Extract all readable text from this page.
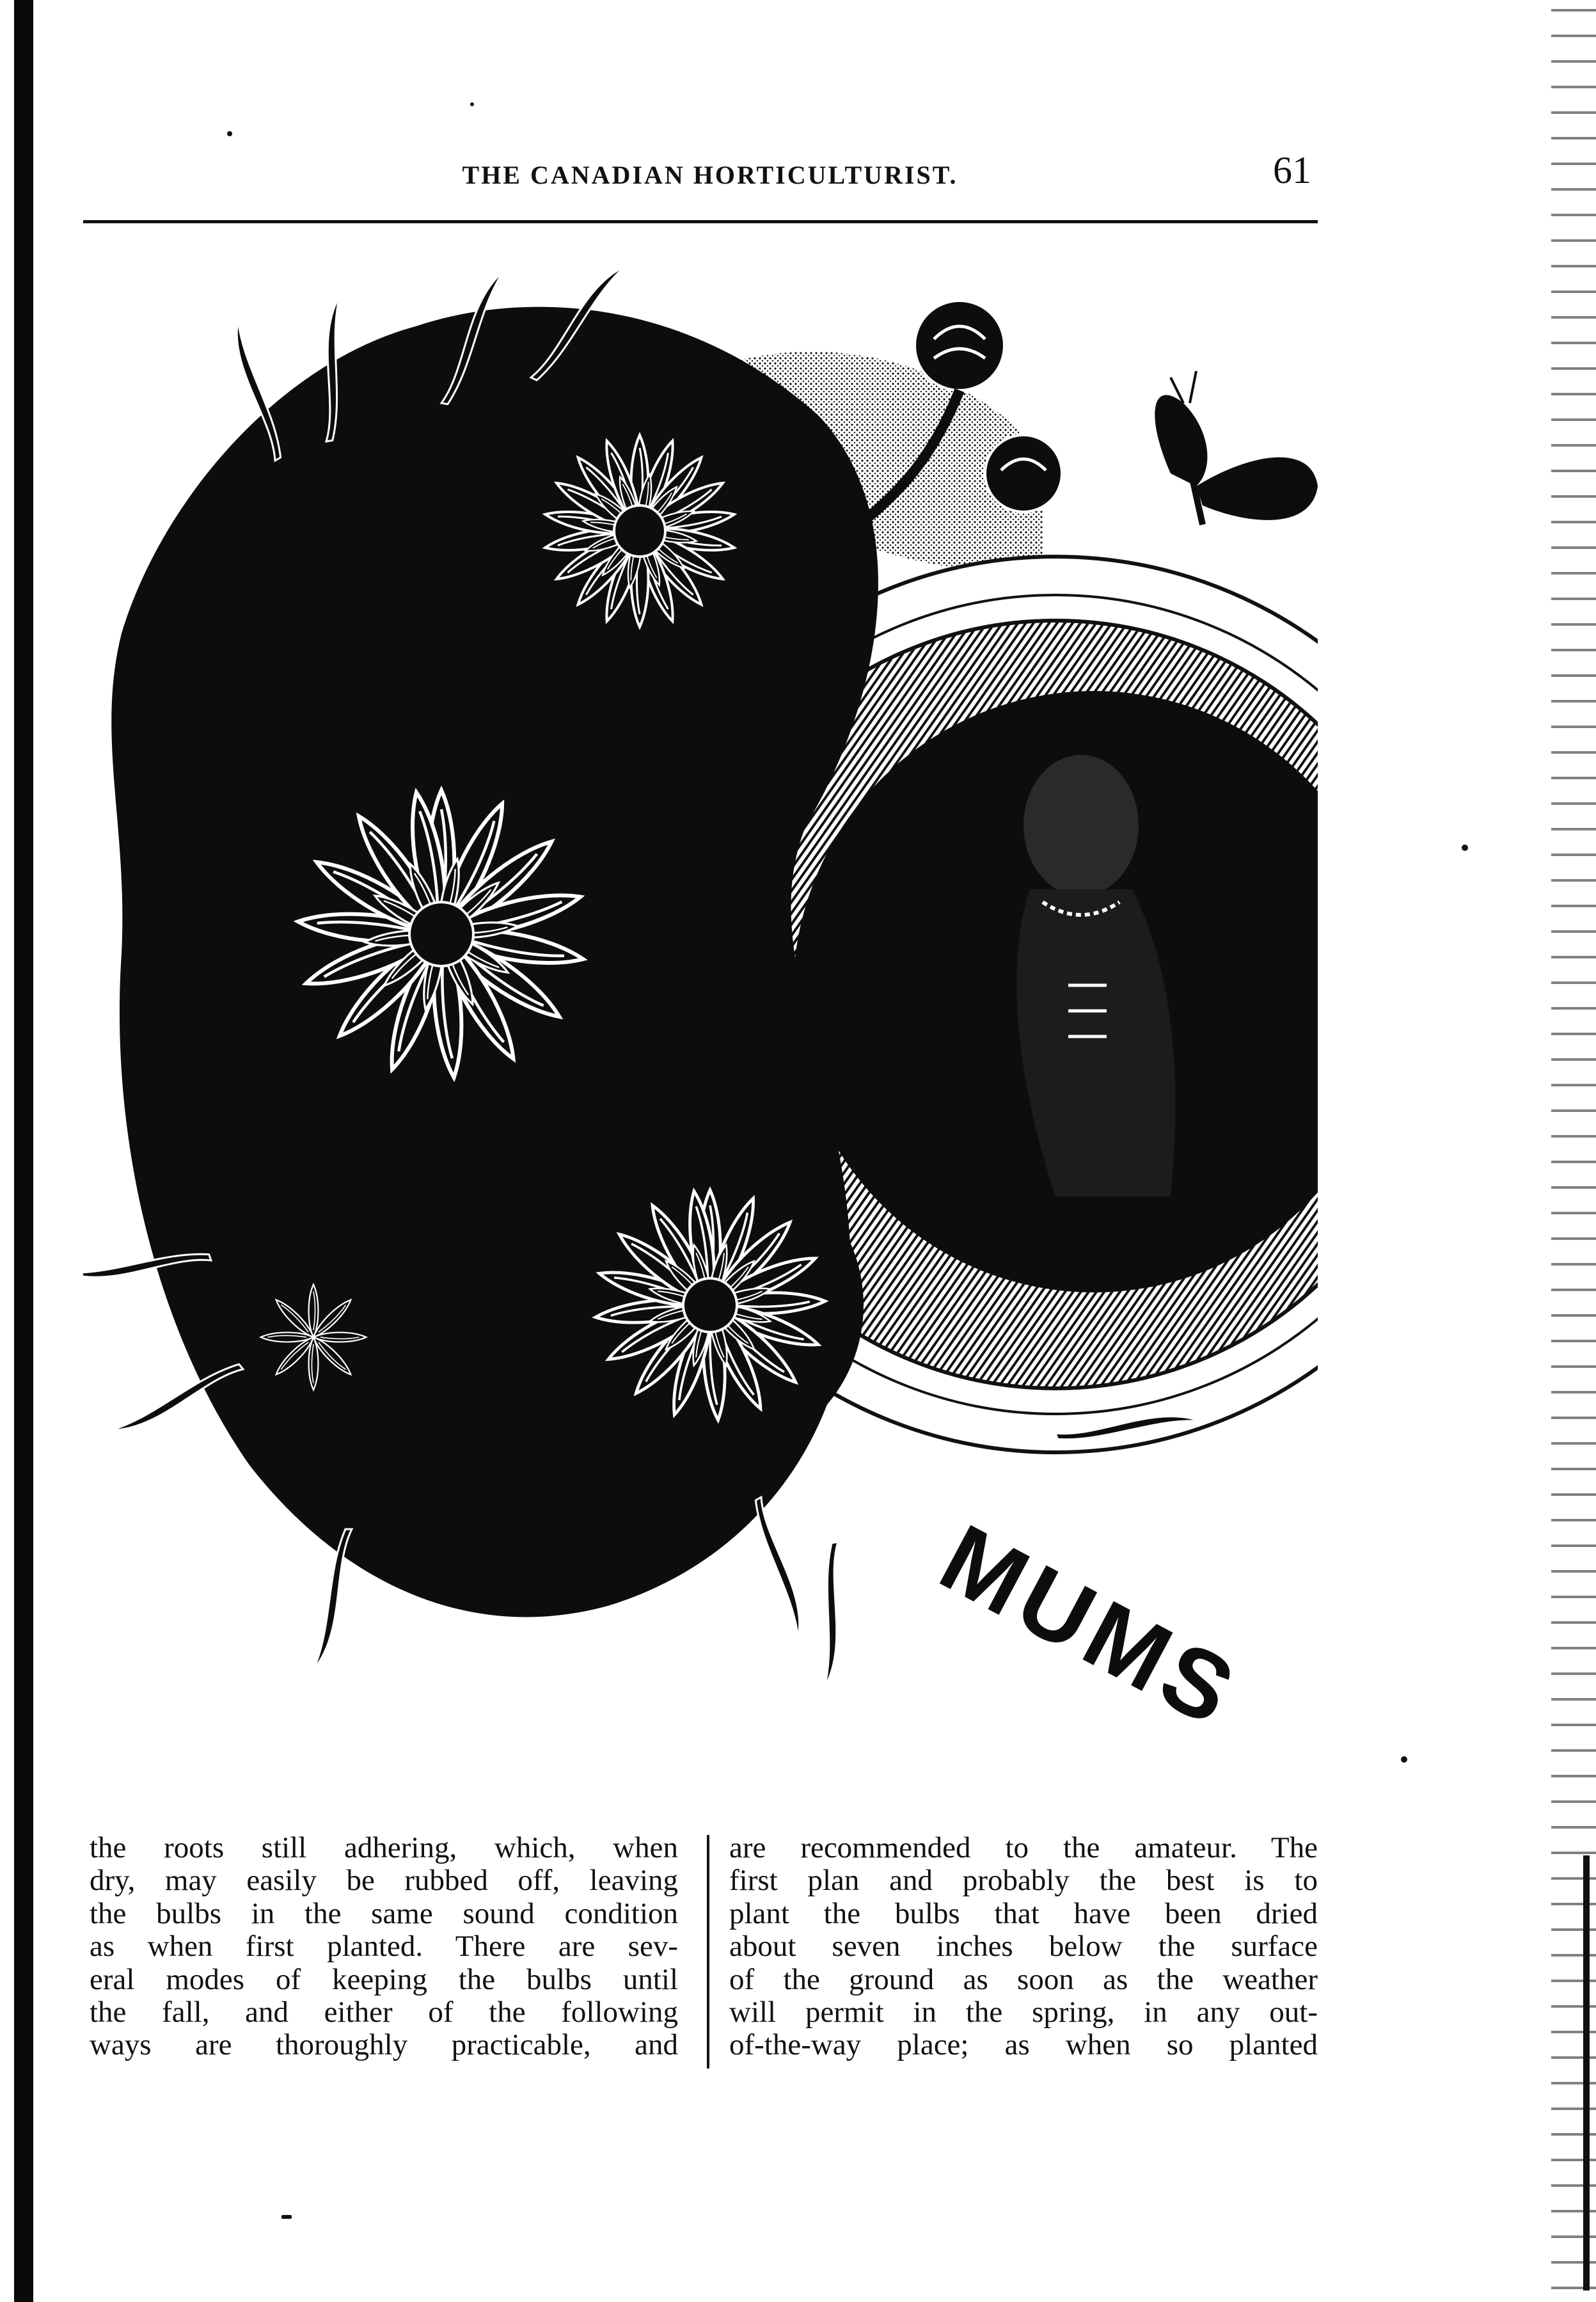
THE CANADIAN HORTICULTURIST.	61
MUMS
the roots still adhering, which, when
dry, may easily be rubbed off, leaving
the bulbs in the same sound condition
as when first planted. There are sev-
eral modes of keeping the bulbs until
the fall, and either of the following
ways are thoroughly practicable, and
are recommended to the amateur. The
first plan and probably the best is to
plant the bulbs that have been dried
about seven inches below the surface
of the ground as soon as the weather
will permit in the spring, in any out-
of-the-way place; as when so planted
